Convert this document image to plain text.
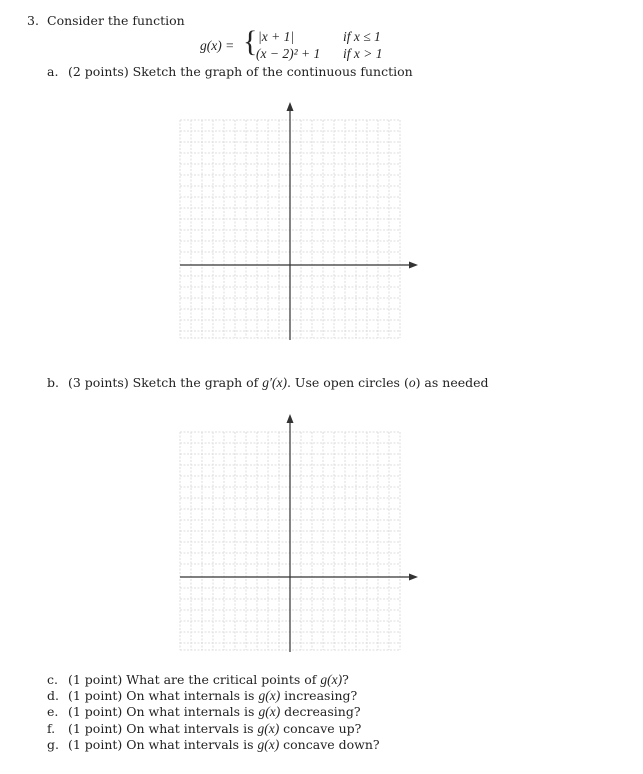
3. Consider the function
g(x) = { |x + 1|	if x ≤ 1
(x − 2)² + 1 if x > 1
a. (2 points) Sketch the graph of the continuous function
b. (3 points) Sketch the graph of g′(x). Use open circles (o) as needed
c. (1 point) What are the critical points of g(x)?
d. (1 point) On what internals is g(x) increasing?
e. (1 point) On what internals is g(x) decreasing?
f. (1 point) On what intervals is g(x) concave up?
g. (1 point) On what intervals is g(x) concave down?
